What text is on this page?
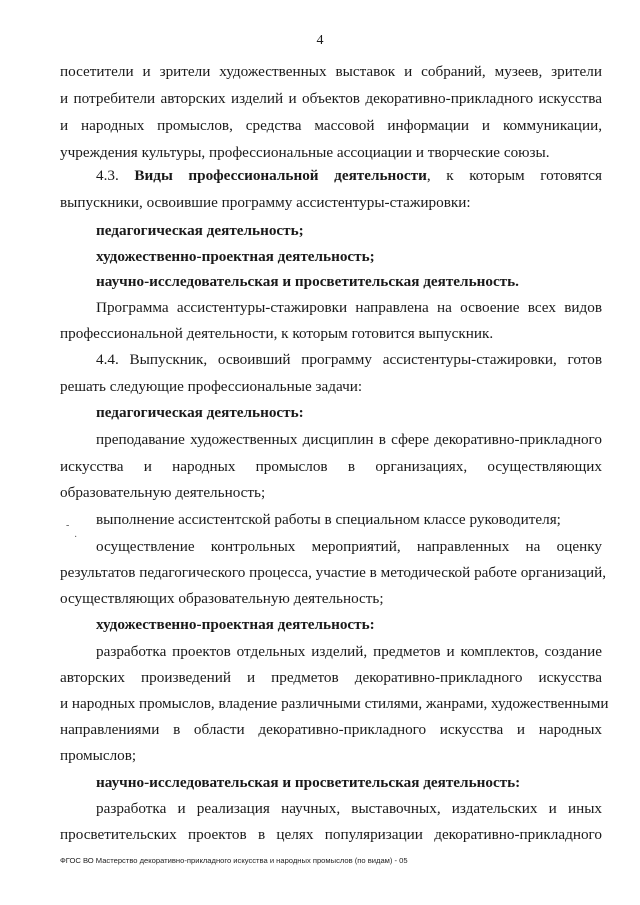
4
посетители и зрители художественных выставок и собраний, музеев, зрители
и потребители авторских изделий и объектов декоративно-прикладного искусства
и народных промыслов, средства массовой информации и коммуникации,
учреждения культуры, профессиональные ассоциации и творческие союзы.
4.3. Виды профессиональной деятельности, к которым готовятся
выпускники, освоившие программу ассистентуры-стажировки:
педагогическая деятельность;
художественно-проектная деятельность;
научно-исследовательская и просветительская деятельность.
Программа ассистентуры-стажировки направлена на освоение всех видов
профессиональной деятельности, к которым готовится выпускник.
4.4. Выпускник, освоивший программу ассистентуры-стажировки, готов
решать следующие профессиональные задачи:
педагогическая деятельность:
преподавание художественных дисциплин в сфере декоративно-прикладного
искусства и народных промыслов в организациях, осуществляющих
образовательную деятельность;
выполнение ассистентской работы в специальном классе руководителя;
-
·
осуществление контрольных мероприятий, направленных на оценку
результатов педагогического процесса, участие в методической работе организаций,
осуществляющих образовательную деятельность;
художественно-проектная деятельность:
разработка проектов отдельных изделий, предметов и комплектов, создание
авторских произведений и предметов декоративно-прикладного искусства
и народных промыслов, владение различными стилями, жанрами, художественными
направлениями в области декоративно-прикладного искусства и народных
промыслов;
научно-исследовательская и просветительская деятельность:
разработка и реализация научных, выставочных, издательских и иных
просветительских проектов в целях популяризации декоративно-прикладного
ФГОС ВО Мастерство декоративно-прикладного искусства и народных промыслов (по видам) - 05
